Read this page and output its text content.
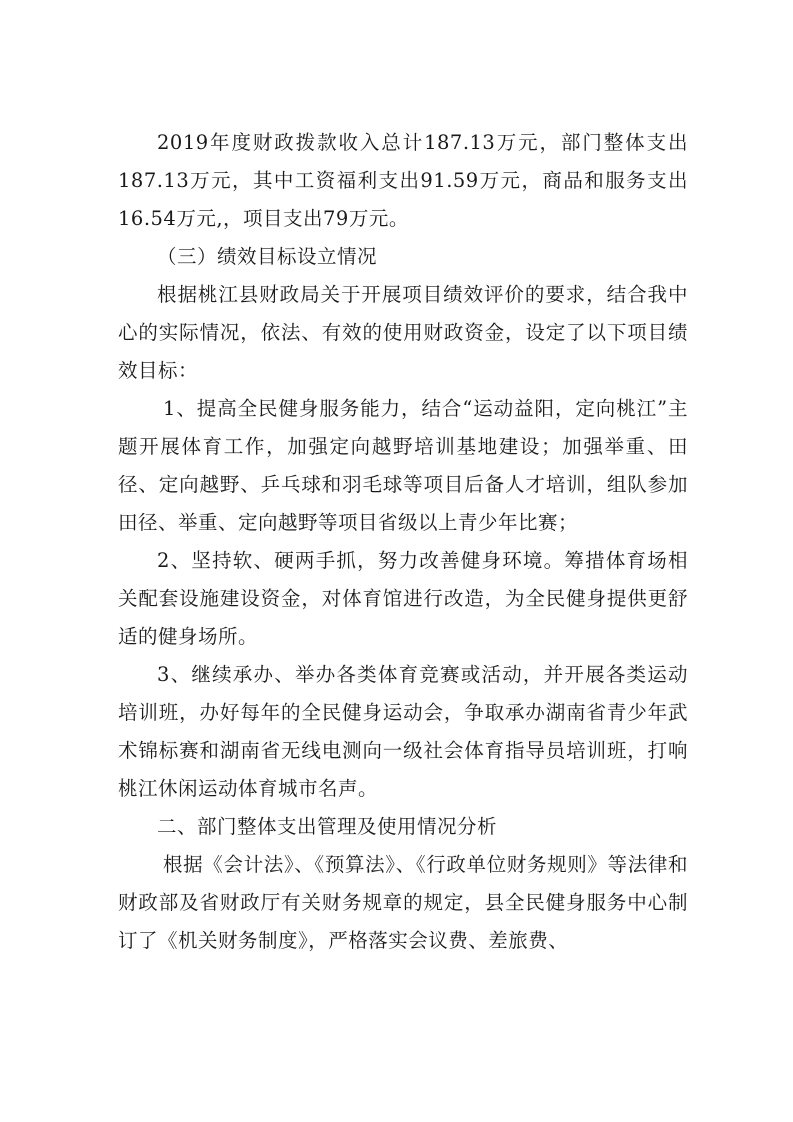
2019年度财政拨款收入总计187.13万元，部门整体支出187.13万元，其中工资福利支出91.59万元，商品和服务支出16.54万元,，项目支出79万元。

（三）绩效目标设立情况

根据桃江县财政局关于开展项目绩效评价的要求，结合我中心的实际情况，依法、有效的使用财政资金，设定了以下项目绩效目标：

1、提高全民健身服务能力，结合“运动益阳，定向桃江”主题开展体育工作，加强定向越野培训基地建设；加强举重、田径、定向越野、乒乓球和羽毛球等项目后备人才培训，组队参加田径、举重、定向越野等项目省级以上青少年比赛；

2、坚持软、硬两手抓，努力改善健身环境。筹措体育场相关配套设施建设资金，对体育馆进行改造，为全民健身提供更舒适的健身场所。

3、继续承办、举办各类体育竞赛或活动，并开展各类运动培训班，办好每年的全民健身运动会，争取承办湖南省青少年武术锦标赛和湖南省无线电测向一级社会体育指导员培训班，打响桃江休闲运动体育城市名声。

二、部门整体支出管理及使用情况分析

根据《会计法》、《预算法》、《行政单位财务规则》等法律和财政部及省财政厅有关财务规章的规定，县全民健身服务中心制订了《机关财务制度》，严格落实会议费、差旅费、
